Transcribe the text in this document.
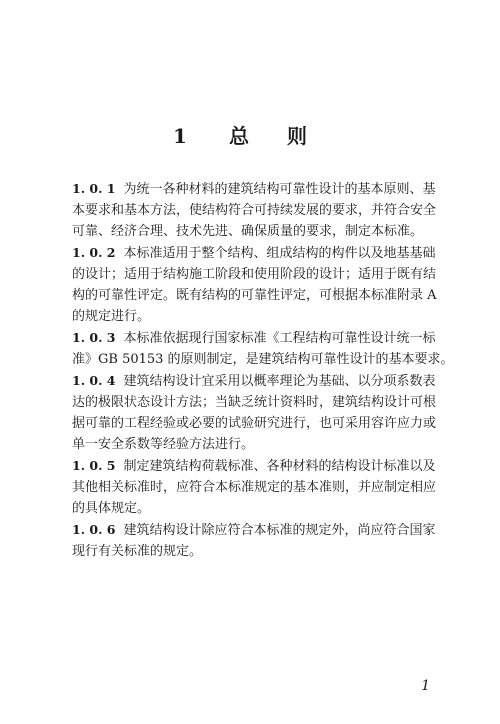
1 总 则
1. 0. 1 为统一各种材料的建筑结构可靠性设计的基本原则、基
本要求和基本方法，使结构符合可持续发展的要求，并符合安全
可靠、经济合理、技术先进、确保质量的要求，制定本标准。
1. 0. 2 本标准适用于整个结构、组成结构的构件以及地基基础
的设计；适用于结构施工阶段和使用阶段的设计；适用于既有结
构的可靠性评定。既有结构的可靠性评定，可根据本标准附录 A
的规定进行。
1. 0. 3 本标准依据现行国家标准《工程结构可靠性设计统一标
准》GB 50153 的原则制定，是建筑结构可靠性设计的基本要求。
1. 0. 4 建筑结构设计宜采用以概率理论为基础、以分项系数表
达的极限状态设计方法；当缺乏统计资料时，建筑结构设计可根
据可靠的工程经验或必要的试验研究进行，也可采用容许应力或
单一安全系数等经验方法进行。
1. 0. 5 制定建筑结构荷载标准、各种材料的结构设计标准以及
其他相关标准时，应符合本标准规定的基本准则，并应制定相应
的具体规定。
1. 0. 6 建筑结构设计除应符合本标准的规定外，尚应符合国家
现行有关标准的规定。
1
